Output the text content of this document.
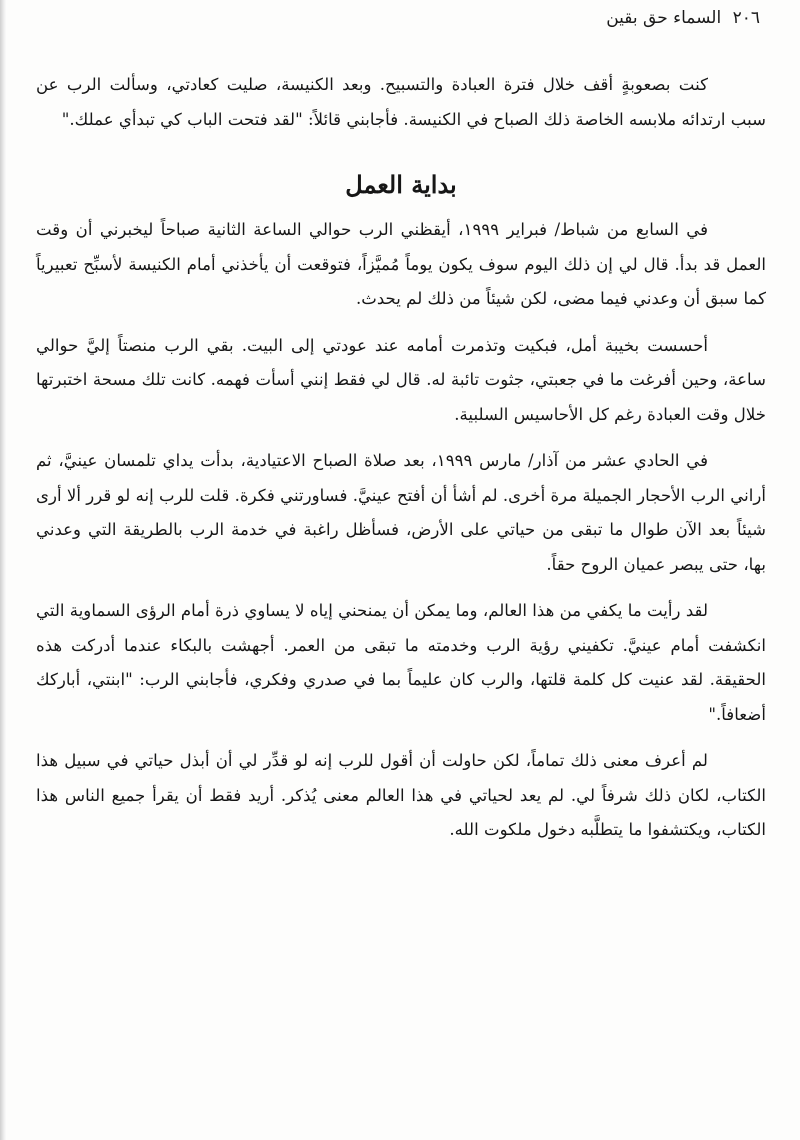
٢٠٦ السماء حق بقين

كنت بصعوبةٍ أقف خلال فترة العبادة والتسبيح. وبعد الكنيسة، صليت كعادتي، وسألت الرب عن سبب ارتدائه ملابسه الخاصة ذلك الصباح في الكنيسة. فأجابني قائلاً: "لقد فتحت الباب كي تبدأي عملك."

بداية العمل

في السابع من شباط/ فبراير ١٩٩٩، أيقظني الرب حوالي الساعة الثانية صباحاً ليخبرني أن وقت العمل قد بدأ. قال لي إن ذلك اليوم سوف يكون يوماً مُميَّزاً، فتوقعت أن يأخذني أمام الكنيسة لأسبِّح تعبيرياً كما سبق أن وعدني فيما مضى، لكن شيئاً من ذلك لم يحدث.

أحسست بخيبة أمل، فبكيت وتذمرت أمامه عند عودتي إلى البيت. بقي الرب منصتاً إليَّ حوالي ساعة، وحين أفرغت ما في جعبتي، جثوت تائبة له. قال لي فقط إنني أسأت فهمه. كانت تلك مسحة اختبرتها خلال وقت العبادة رغم كل الأحاسيس السلبية.

في الحادي عشر من آذار/ مارس ١٩٩٩، بعد صلاة الصباح الاعتيادية، بدأت يداي تلمسان عينيَّ، ثم أراني الرب الأحجار الجميلة مرة أخرى. لم أشأ أن أفتح عينيَّ. فساورتني فكرة. قلت للرب إنه لو قرر ألا أرى شيئاً بعد الآن طوال ما تبقى من حياتي على الأرض، فسأظل راغبة في خدمة الرب بالطريقة التي وعدني بها، حتى يبصر عميان الروح حقاً.

لقد رأيت ما يكفي من هذا العالم، وما يمكن أن يمنحني إياه لا يساوي ذرة أمام الرؤى السماوية التي انكشفت أمام عينيَّ. تكفيني رؤية الرب وخدمته ما تبقى من العمر. أجهشت بالبكاء عندما أدركت هذه الحقيقة. لقد عنيت كل كلمة قلتها، والرب كان عليماً بما في صدري وفكري، فأجابني الرب: "ابنتي، أباركك أضعافاً."

لم أعرف معنى ذلك تماماً، لكن حاولت أن أقول للرب إنه لو قدِّر لي أن أبذل حياتي في سبيل هذا الكتاب، لكان ذلك شرفاً لي. لم يعد لحياتي في هذا العالم معنى يُذكر. أريد فقط أن يقرأ جميع الناس هذا الكتاب، ويكتشفوا ما يتطلَّبه دخول ملكوت الله.
